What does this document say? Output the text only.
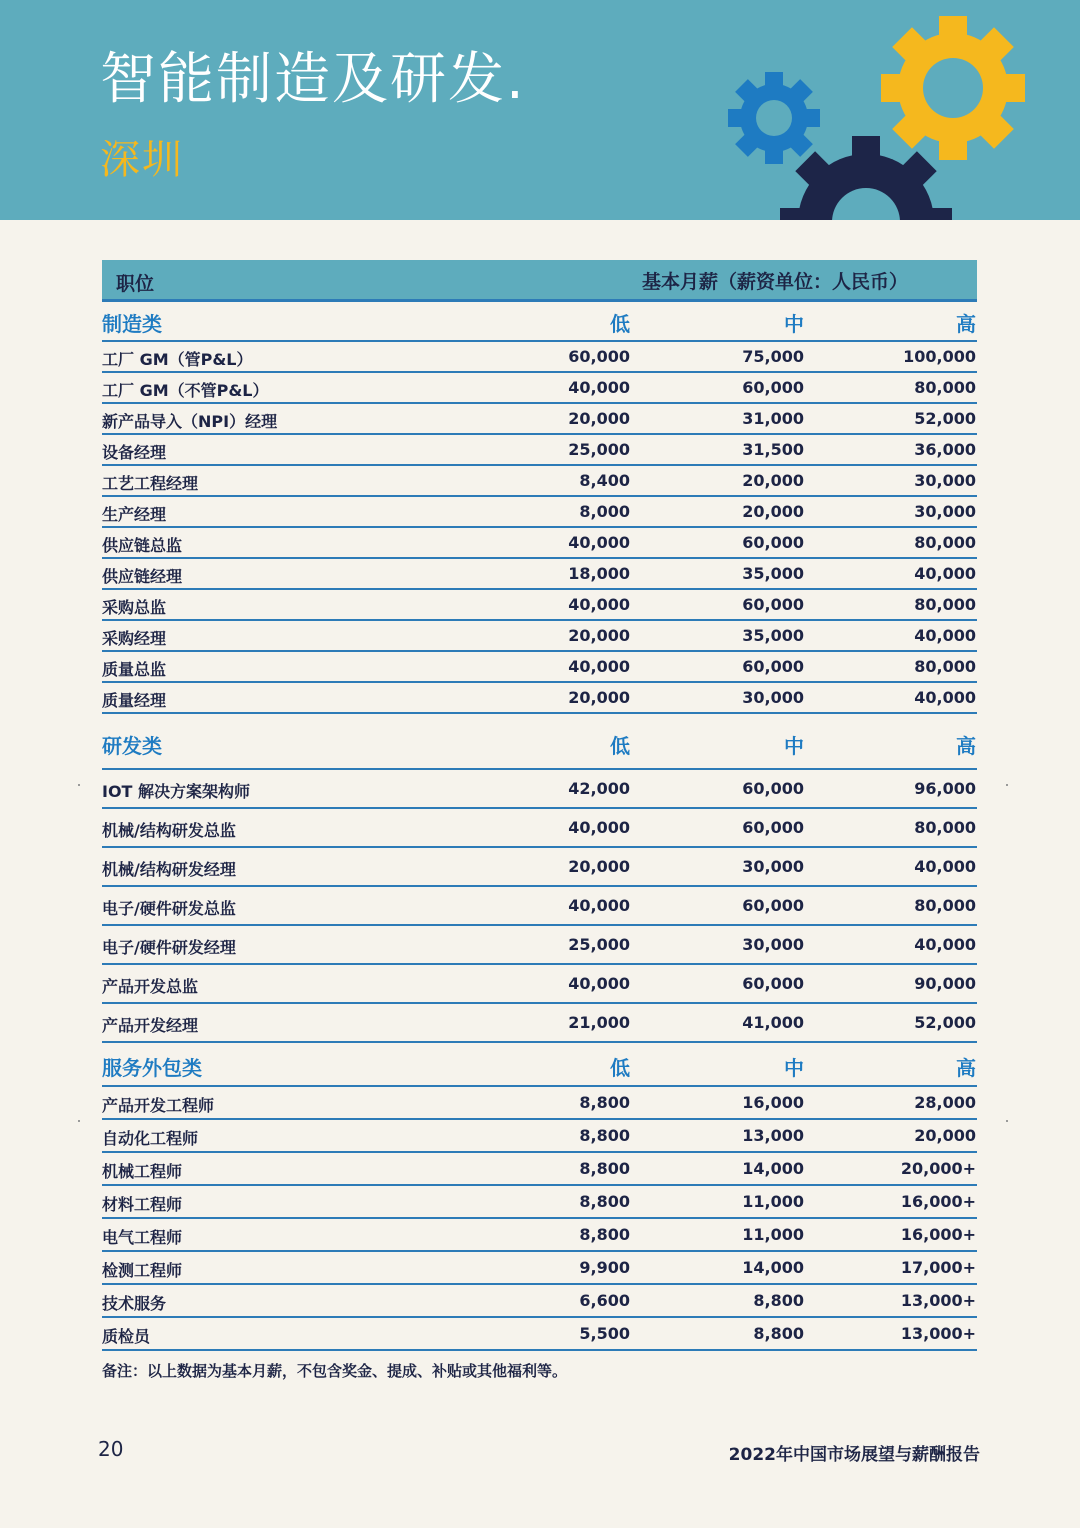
智能制造及研发.
深圳
职位	基本月薪（薪资单位：人民币）
制造类	低	中	高
工厂 GM（管P&L）	60,000	75,000	100,000
工厂 GM（不管P&L）	40,000	60,000	80,000
新产品导入（NPI）经理	20,000	31,000	52,000
设备经理	25,000	31,500	36,000
工艺工程经理	8,400	20,000	30,000
生产经理	8,000	20,000	30,000
供应链总监	40,000	60,000	80,000
供应链经理	18,000	35,000	40,000
采购总监	40,000	60,000	80,000
采购经理	20,000	35,000	40,000
质量总监	40,000	60,000	80,000
质量经理	20,000	30,000	40,000
研发类	低	中	高
IOT 解决方案架构师	42,000	60,000	96,000
机械/结构研发总监	40,000	60,000	80,000
机械/结构研发经理	20,000	30,000	40,000
电子/硬件研发总监	40,000	60,000	80,000
电子/硬件研发经理	25,000	30,000	40,000
产品开发总监	40,000	60,000	90,000
产品开发经理	21,000	41,000	52,000
服务外包类	低	中	高
产品开发工程师	8,800	16,000	28,000
自动化工程师	8,800	13,000	20,000
机械工程师	8,800	14,000	20,000+
材料工程师	8,800	11,000	16,000+
电气工程师	8,800	11,000	16,000+
检测工程师	9,900	14,000	17,000+
技术服务	6,600	8,800	13,000+
质检员	5,500	8,800	13,000+
备注：以上数据为基本月薪，不包含奖金、提成、补贴或其他福利等。
20	2022年中国市场展望与薪酬报告
